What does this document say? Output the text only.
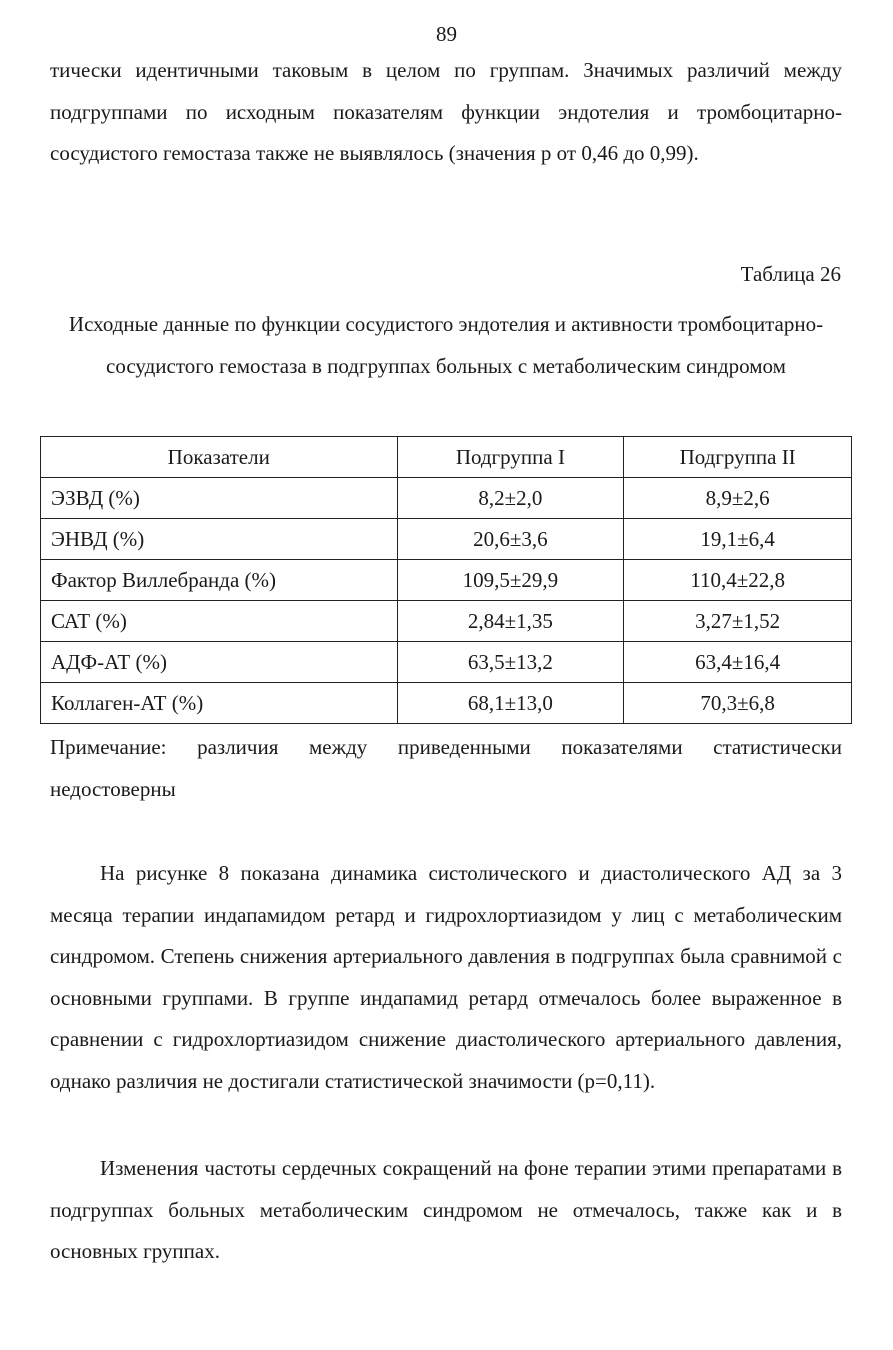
89

тически идентичными таковым в целом по группам. Значимых различий между подгруппами по исходным показателям функции эндотелия и тромбоцитарно-сосудистого гемостаза также не выявлялось (значения р от 0,46 до 0,99).

Таблица 26

Исходные данные по функции сосудистого эндотелия и активности тромбоцитарно-сосудистого гемостаза в подгруппах больных с метаболическим синдромом

Показатели	Подгруппа I	Подгруппа II
ЭЗВД (%)	8,2±2,0	8,9±2,6
ЭНВД (%)	20,6±3,6	19,1±6,4
Фактор Виллебранда (%)	109,5±29,9	110,4±22,8
САТ (%)	2,84±1,35	3,27±1,52
АДФ-АТ (%)	63,5±13,2	63,4±16,4
Коллаген-АТ (%)	68,1±13,0	70,3±6,8

Примечание: различия между приведенными показателями статистически недостоверны

На рисунке 8 показана динамика систолического и диастолического АД за 3 месяца терапии индапамидом ретард и гидрохлортиазидом у лиц с метаболическим синдромом. Степень снижения артериального давления в подгруппах была сравнимой с основными группами. В группе индапамид ретард отмечалось более выраженное в сравнении с гидрохлортиазидом снижение диастолического артериального давления, однако различия не достигали статистической значимости (р=0,11).

Изменения частоты сердечных сокращений на фоне терапии этими препаратами в подгруппах больных метаболическим синдромом не отмечалось, также как и в основных группах.
